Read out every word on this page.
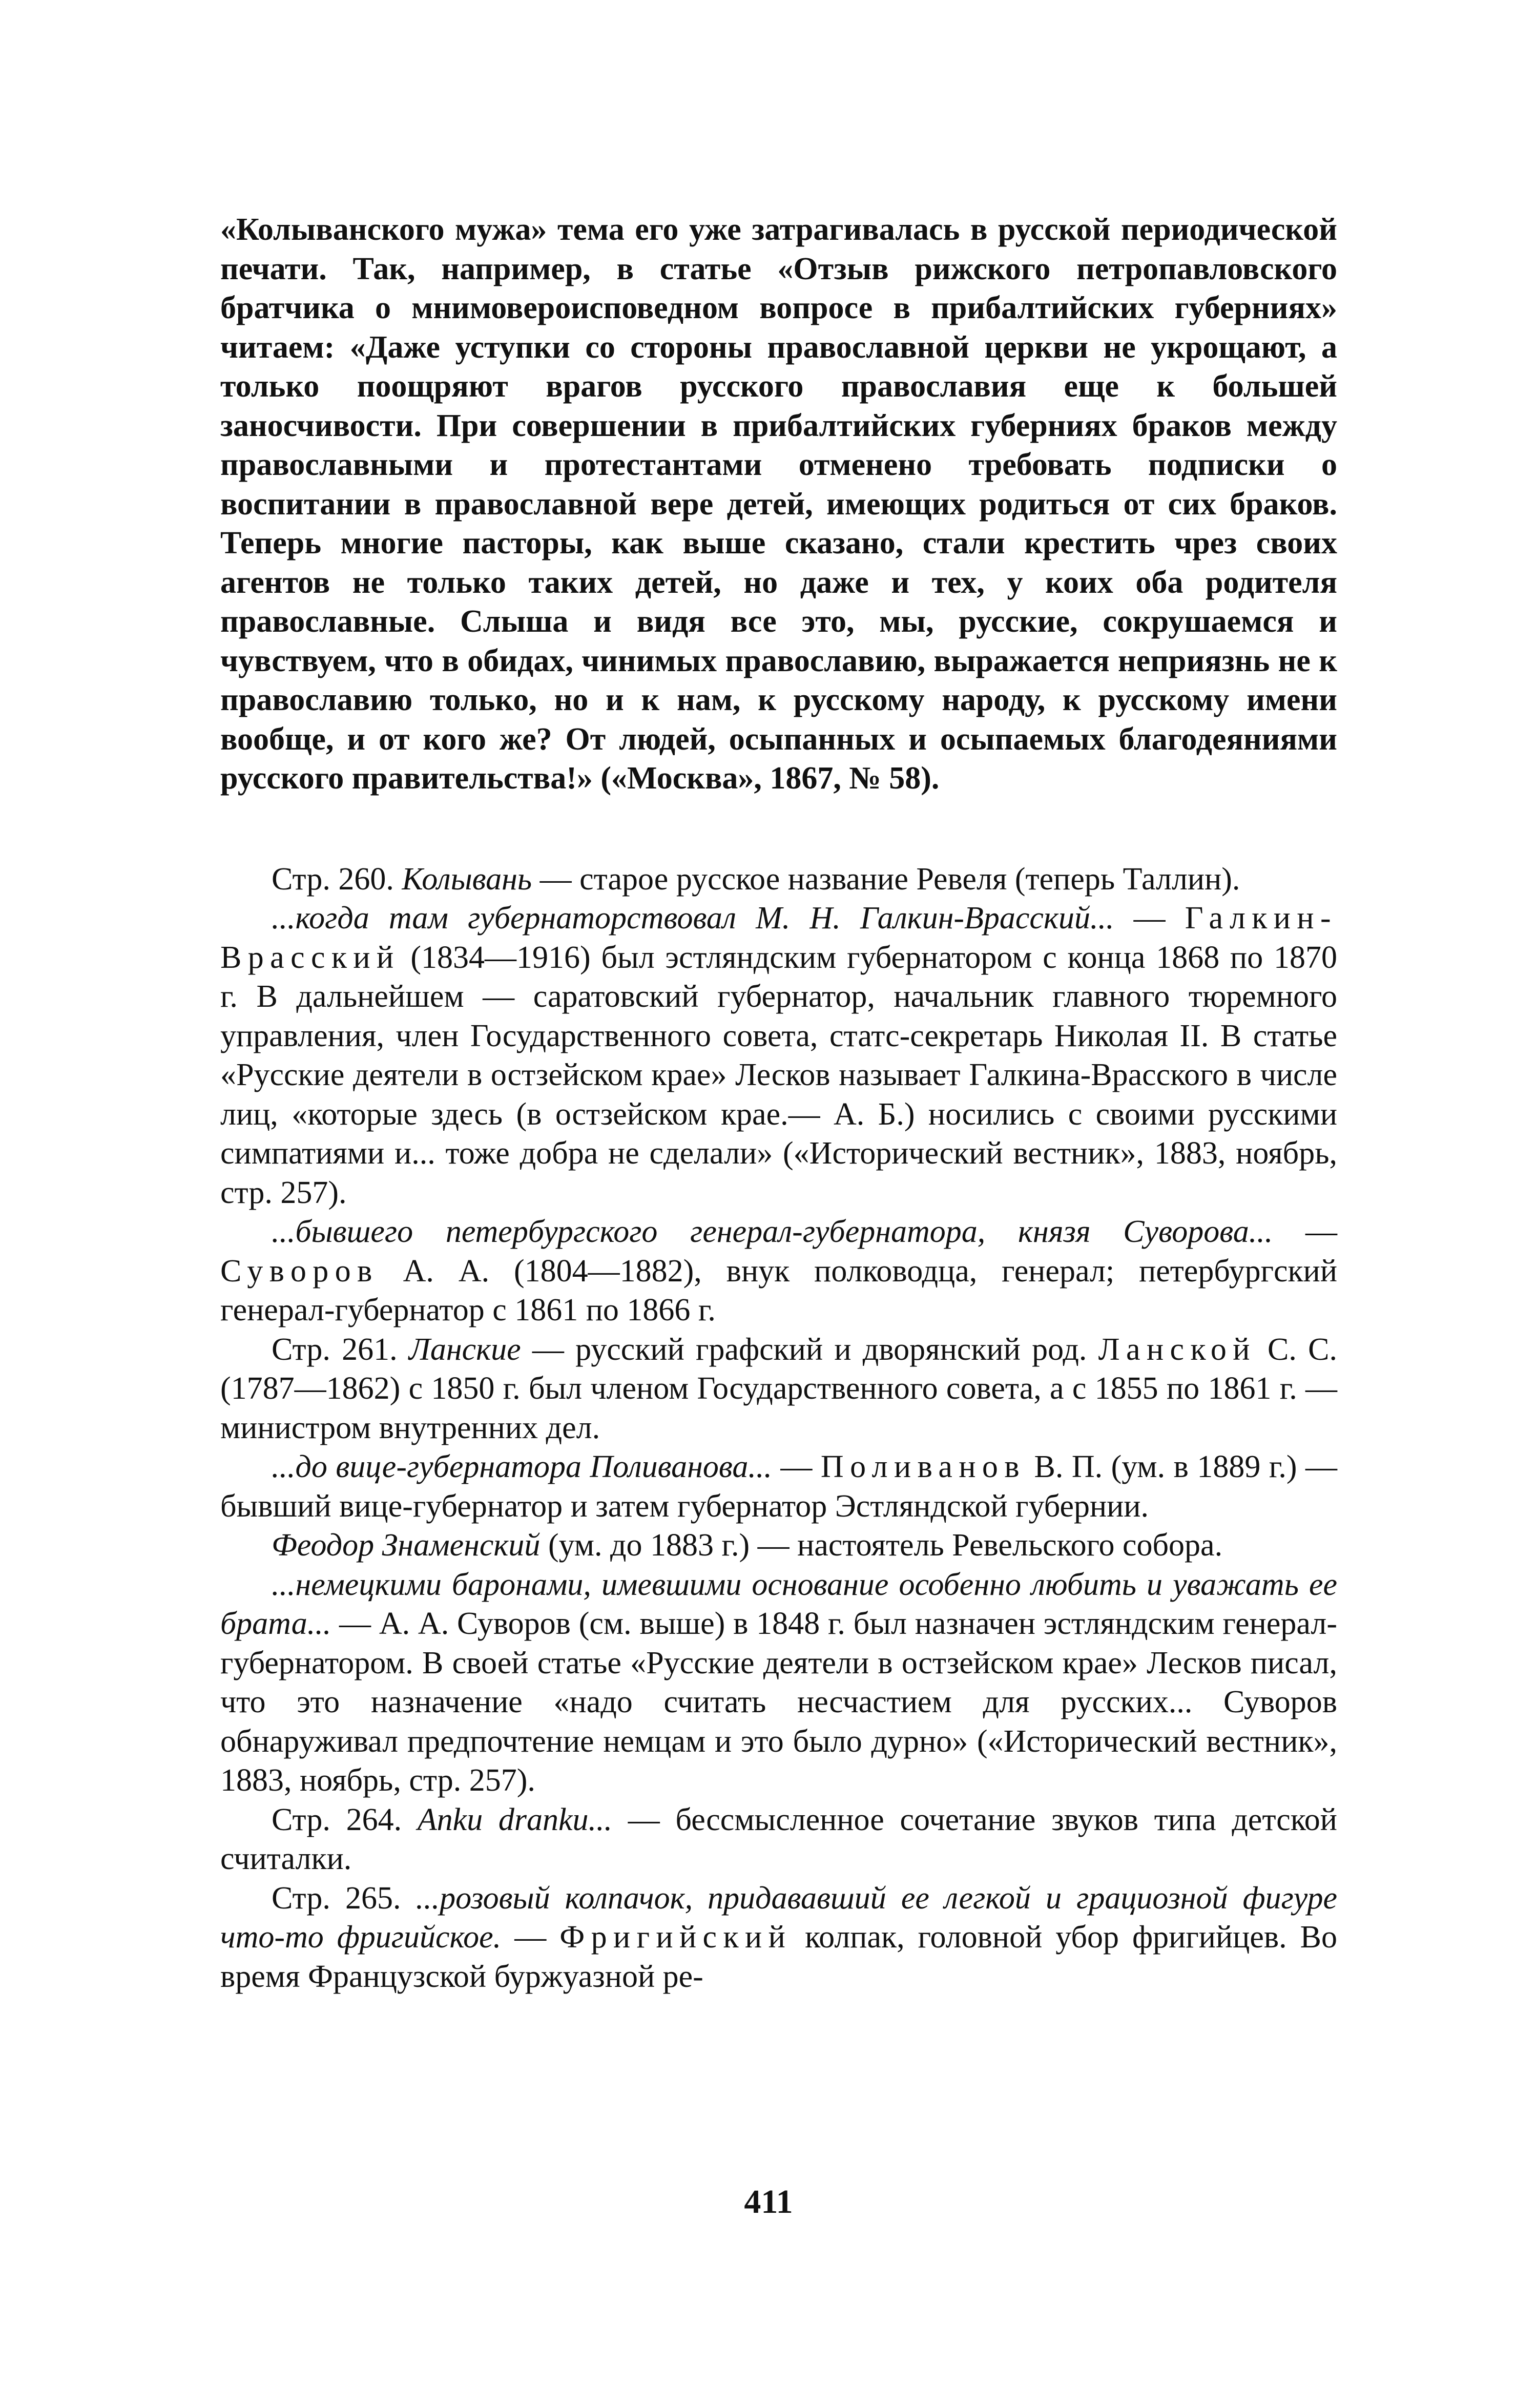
«Колыванского мужа» тема его уже затрагивалась в русской периодической печати. Так, например, в статье «Отзыв рижского петропавловского братчика о мнимовероисповедном вопросе в прибалтийских губерниях» читаем: «Даже уступки со стороны православной церкви не укрощают, а только поощряют врагов русского православия еще к большей заносчивости. При совершении в прибалтийских губерниях браков между православными и протестантами отменено требовать подписки о воспитании в православной вере детей, имеющих родиться от сих браков. Теперь многие пасторы, как выше сказано, стали крестить чрез своих агентов не только таких детей, но даже и тех, у коих оба родителя православные. Слыша и видя все это, мы, русские, сокрушаемся и чувствуем, что в обидах, чинимых православию, выражается неприязнь не к православию только, но и к нам, к русскому народу, к русскому имени вообще, и от кого же? От людей, осыпанных и осыпаемых благодеяниями русского правительства!» («Москва», 1867, № 58).

Стр. 260. Колывань — старое русское название Ревеля (теперь Таллин).

...когда там губернаторствовал М. Н. Галкин-Врасский... — Галкин-Врасский (1834—1916) был эстляндским губернатором с конца 1868 по 1870 г. В дальнейшем — саратовский губернатор, начальник главного тюремного управления, член Государственного совета, статс-секретарь Николая II. В статье «Русские деятели в остзейском крае» Лесков называет Галкина-Врасского в числе лиц, «которые здесь (в остзейском крае.— А. Б.) носились с своими русскими симпатиями и... тоже добра не сделали» («Исторический вестник», 1883, ноябрь, стр. 257).

...бывшего петербургского генерал-губернатора, князя Суворова... — Суворов А. А. (1804—1882), внук полководца, генерал; петербургский генерал-губернатор с 1861 по 1866 г.

Стр. 261. Ланские — русский графский и дворянский род. Ланской С. С. (1787—1862) с 1850 г. был членом Государственного совета, а с 1855 по 1861 г. — министром внутренних дел.

...до вице-губернатора Поливанова... — Поливанов В. П. (ум. в 1889 г.) — бывший вице-губернатор и затем губернатор Эстляндской губернии.

Феодор Знаменский (ум. до 1883 г.) — настоятель Ревельского собора.

...немецкими баронами, имевшими основание особенно любить и уважать ее брата... — А. А. Суворов (см. выше) в 1848 г. был назначен эстляндским генерал-губернатором. В своей статье «Русские деятели в остзейском крае» Лесков писал, что это назначение «надо считать несчастием для русских... Суворов обнаруживал предпочтение немцам и это было дурно» («Исторический вестник», 1883, ноябрь, стр. 257).

Стр. 264. Anku dranku... — бессмысленное сочетание звуков типа детской считалки.

Стр. 265. ...розовый колпачок, придававший ее легкой и грациозной фигуре что-то фригийское. — Фригийский колпак, головной убор фригийцев. Во время Французской буржуазной ре-

411
